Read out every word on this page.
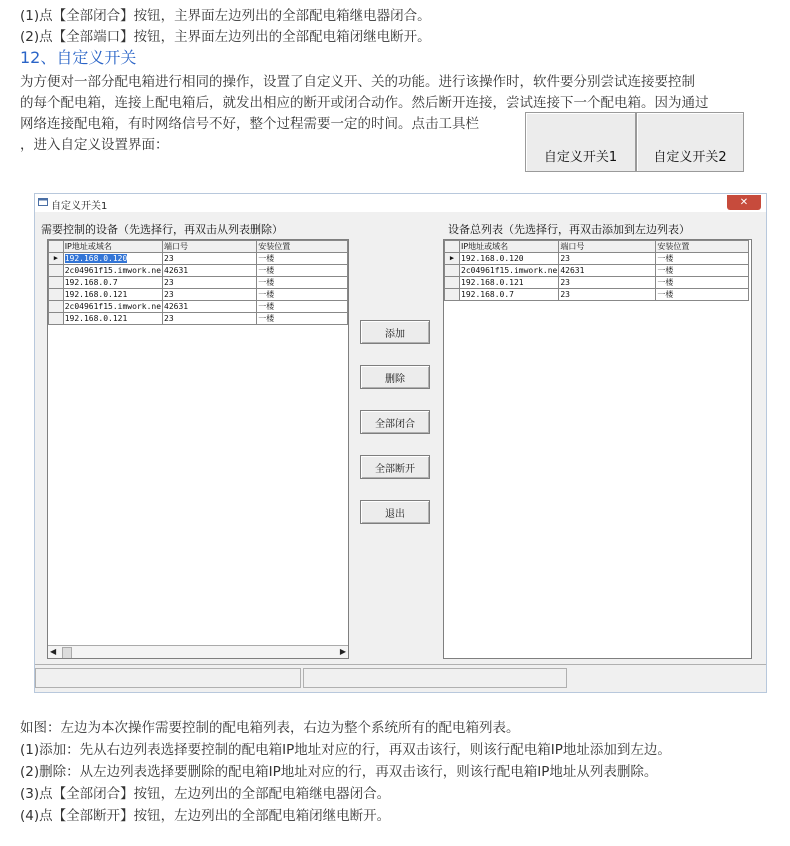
(1)点【全部闭合】按钮，主界面左边列出的全部配电箱继电器闭合。
(2)点【全部端口】按钮，主界面左边列出的全部配电箱闭继电断开。
12、自定义开关
为方便对一部分配电箱进行相同的操作，设置了自定义开、关的功能。进行该操作时，软件要分别尝试连接要控制
的每个配电箱，连接上配电箱后，就发出相应的断开或闭合动作。然后断开连接，尝试连接下一个配电箱。因为通过
网络连接配电箱，有时网络信号不好，整个过程需要一定的时间。点击工具栏
，进入自定义设置界面：
自定义开关1	自定义开关2
自定义开关1	✕
需要控制的设备（先选择行，再双击从列表删除）	设备总列表（先选择行，再双击添加到左边列表）
	IP地址或域名	端口号	安装位置
▶	192.168.0.120	23	一楼
	2c04961f15.imwork.ne	42631	一楼
	192.168.0.7	23	一楼
	192.168.0.121	23	一楼
	2c04961f15.imwork.ne	42631	一楼
	192.168.0.121	23	一楼
◀	▶
添加
删除
全部闭合
全部断开
退出
	IP地址或域名	端口号	安装位置
▶	192.168.0.120	23	一楼
	2c04961f15.imwork.ne	42631	一楼
	192.168.0.121	23	一楼
	192.168.0.7	23	一楼
如图：左边为本次操作需要控制的配电箱列表，右边为整个系统所有的配电箱列表。
(1)添加：先从右边列表选择要控制的配电箱IP地址对应的行，再双击该行，则该行配电箱IP地址添加到左边。
(2)删除：从左边列表选择要删除的配电箱IP地址对应的行，再双击该行，则该行配电箱IP地址从列表删除。
(3)点【全部闭合】按钮，左边列出的全部配电箱继电器闭合。
(4)点【全部断开】按钮，左边列出的全部配电箱闭继电断开。
